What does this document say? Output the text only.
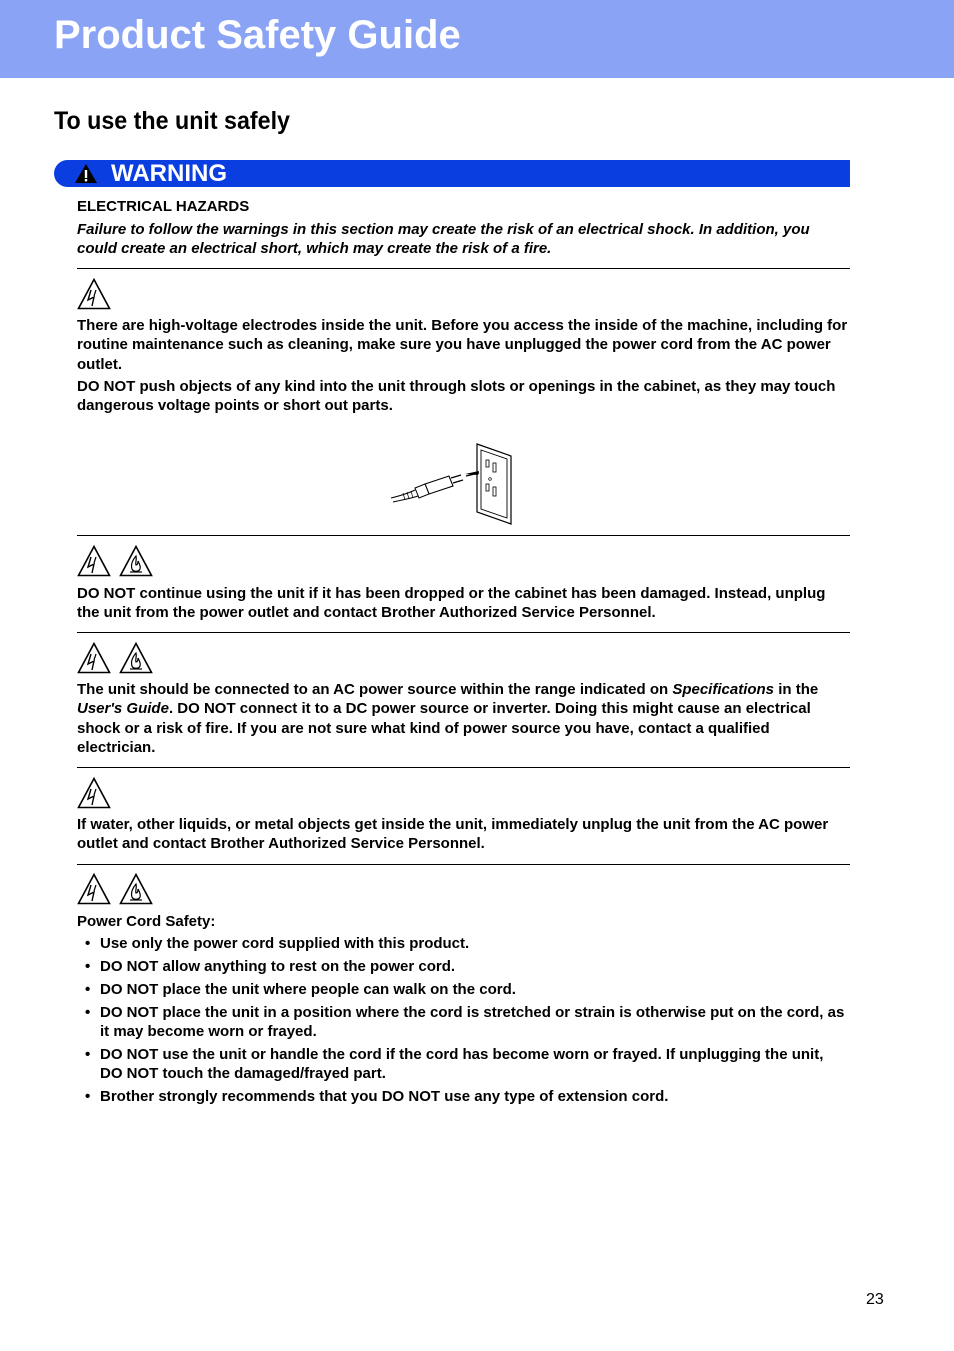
Product Safety Guide
To use the unit safely
WARNING

ELECTRICAL HAZARDS

Failure to follow the warnings in this section may create the risk of an electrical shock. In addition, you could create an electrical short, which may create the risk of a fire.

There are high-voltage electrodes inside the unit. Before you access the inside of the machine, including for routine maintenance such as cleaning, make sure you have unplugged the power cord from the AC power outlet.

DO NOT push objects of any kind into the unit through slots or openings in the cabinet, as they may touch dangerous voltage points or short out parts.

DO NOT continue using the unit if it has been dropped or the cabinet has been damaged. Instead, unplug the unit from the power outlet and contact Brother Authorized Service Personnel.

The unit should be connected to an AC power source within the range indicated on Specifications in the User's Guide. DO NOT connect it to a DC power source or inverter. Doing this might cause an electrical shock or a risk of fire. If you are not sure what kind of power source you have, contact a qualified electrician.

If water, other liquids, or metal objects get inside the unit, immediately unplug the unit from the AC power outlet and contact Brother Authorized Service Personnel.

Power Cord Safety:

• Use only the power cord supplied with this product.
• DO NOT allow anything to rest on the power cord.
• DO NOT place the unit where people can walk on the cord.
• DO NOT place the unit in a position where the cord is stretched or strain is otherwise put on the cord, as it may become worn or frayed.
• DO NOT use the unit or handle the cord if the cord has become worn or frayed. If unplugging the unit, DO NOT touch the damaged/frayed part.
• Brother strongly recommends that you DO NOT use any type of extension cord.
23
